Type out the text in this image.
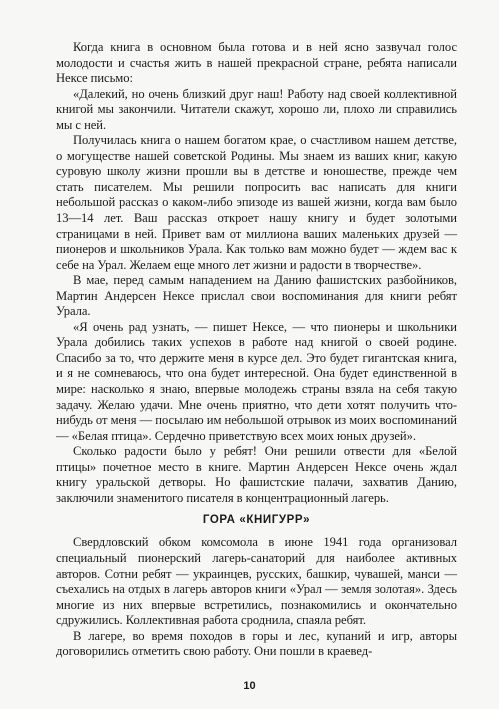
Когда книга в основном была готова и в ней ясно зазвучал голос молодости и счастья жить в нашей прекрасной стране, ребята написали Нексе письмо:

«Далекий, но очень близкий друг наш! Работу над своей коллективной книгой мы закончили. Читатели скажут, хорошо ли, плохо ли справились мы с ней.

Получилась книга о нашем богатом крае, о счастливом нашем детстве, о могуществе нашей советской Родины. Мы знаем из ваших книг, какую суровую школу жизни прошли вы в детстве и юношестве, прежде чем стать писателем. Мы решили попросить вас написать для книги небольшой рассказ о каком-либо эпизоде из вашей жизни, когда вам было 13—14 лет. Ваш рассказ откроет нашу книгу и будет золотыми страницами в ней. Привет вам от миллиона ваших маленьких друзей — пионеров и школьников Урала. Как только вам можно будет — ждем вас к себе на Урал. Желаем еще много лет жизни и радости в творчестве».

В мае, перед самым нападением на Данию фашистских разбойников, Мартин Андерсен Нексе прислал свои воспоминания для книги ребят Урала.

«Я очень рад узнать, — пишет Нексе, — что пионеры и школьники Урала добились таких успехов в работе над книгой о своей родине. Спасибо за то, что держите меня в курсе дел. Это будет гигантская книга, и я не сомневаюсь, что она будет интересной. Она будет единственной в мире: насколько я знаю, впервые молодежь страны взяла на себя такую задачу. Желаю удачи. Мне очень приятно, что дети хотят получить что-нибудь от меня — посылаю им небольшой отрывок из моих воспоминаний — «Белая птица». Сердечно приветствую всех моих юных друзей».

Сколько радости было у ребят! Они решили отвести для «Белой птицы» почетное место в книге. Мартин Андерсен Нексе очень ждал книгу уральской детворы. Но фашистские палачи, захватив Данию, заключили знаменитого писателя в концентрационный лагерь.

ГОРА «КНИГУРР»

Свердловский обком комсомола в июне 1941 года организовал специальный пионерский лагерь-санаторий для наиболее активных авторов. Сотни ребят — украинцев, русских, башкир, чувашей, манси — съехались на отдых в лагерь авторов книги «Урал — земля золотая». Здесь многие из них впервые встретились, познакомились и окончательно сдружились. Коллективная работа сроднила, спаяла ребят.

В лагере, во время походов в горы и лес, купаний и игр, авторы договорились отметить свою работу. Они пошли в краевед-

10
